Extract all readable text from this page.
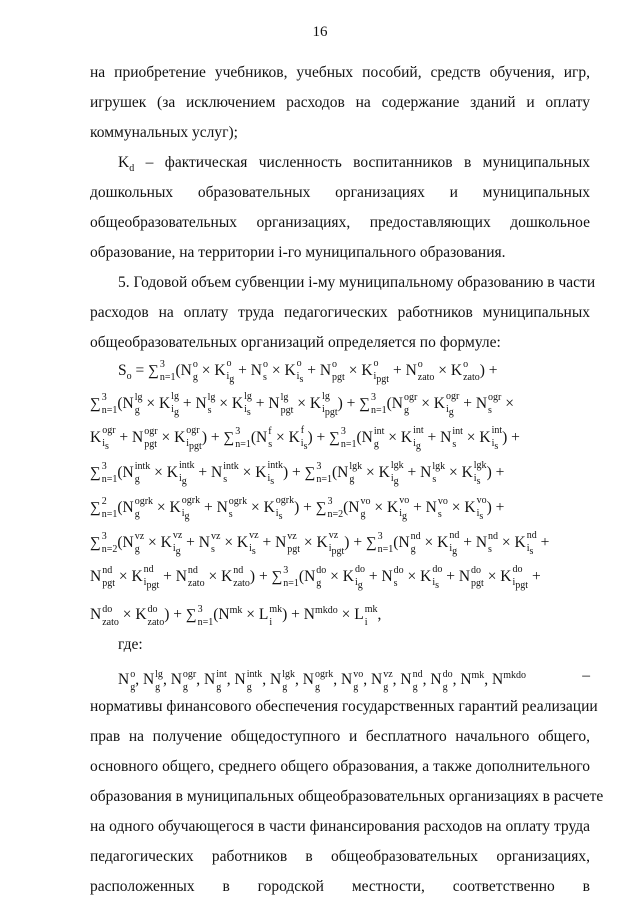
16
на приобретение учебников, учебных пособий, средств обучения, игр,
игрушек (за исключением расходов на содержание зданий и оплату
коммунальных услуг);
$K_d$ – фактическая численность воспитанников в муниципальных
дошкольных образовательных организациях и муниципальных
общеобразовательных организациях, предоставляющих дошкольное
образование, на территории i-го муниципального образования.
5. Годовой объем субвенции i-му муниципальному образованию в части
расходов на оплату труда педагогических работников муниципальных
общеобразовательных организаций определяется по формуле:
$S_o$ = ∑ 3
n=1 (N o
g × K o
$i_g$
+ N o
s × K o
$i_s$
+ N o
pgt × K o
$i_{pgt}$
+ N o
zato × K o
zato ) +
∑ 3
n=1 (N lg
g × K lg
$i_g$
+ N lg
s × K lg
$i_s$
+ N lg
pgt × K lg
$i_{pgt}$
) + ∑ 3
n=1 (N ogr
g × K ogr
$i_g$
+ N ogr
s ×
K ogr
$i_s$
+ N ogr
pgt × K ogr
$i_{pgt}$
) + ∑ 3
n=1 (N f
s × K f
$i_s$
) + ∑ 3
n=1 (N int
g × K int
$i_g$
+ N int
s × K int
$i_s$
) +
∑ 3
n=1 (N intk
g × K intk
$i_g$
+ N intk
s × K intk
$i_s$
) + ∑ 3
n=1 (N lgk
g × K lgk
$i_g$
+ N lgk
s × K lgk
$i_s$
) +
∑ 2
n=1 (N ogrk
g × K ogrk
$i_g$
+ N ogrk
s × K ogrk
$i_s$
) + ∑ 3
n=2 (N vo
g × K vo
$i_g$
+ N vo
s × K vo
$i_s$
) +
∑ 3
n=2 (N vz
g × K vz
$i_g$
+ N vz
s × K vz
$i_s$
+ N vz
pgt × K vz
$i_{pgt}$
) + ∑ 3
n=1 (N nd
g × K nd
$i_g$
+ N nd
s × K nd
$i_s$
+
N nd
pgt × K nd
$i_{pgt}$
+ N nd
zato × K nd
zato ) + ∑ 3
n=1 (N do
g × K do
$i_g$
+ N do
s × K do
$i_s$
+ N do
pgt × K do
$i_{pgt}$
+
N do
zato × K do
zato ) + ∑ 3
n=1 ($N^{mk} \times L$ mk
i ) + $N^{mkdo} \times L$ mk
i ,
где:
N o
g , N lg
g , N ogr
g , N int
g , N intk
g , N lgk
g , N ogrk
g , N vo
g , N vz
g , N nd
g , N do
g , $N^{mk}$, $N^{mkdo}$	–
нормативы финансового обеспечения государственных гарантий реализации
прав на получение общедоступного и бесплатного начального общего,
основного общего, среднего общего образования, а также дополнительного
образования в муниципальных общеобразовательных организациях в расчете
на одного обучающегося в части финансирования расходов на оплату труда
педагогических работников в общеобразовательных организациях,
расположенных в городской местности, соответственно в
